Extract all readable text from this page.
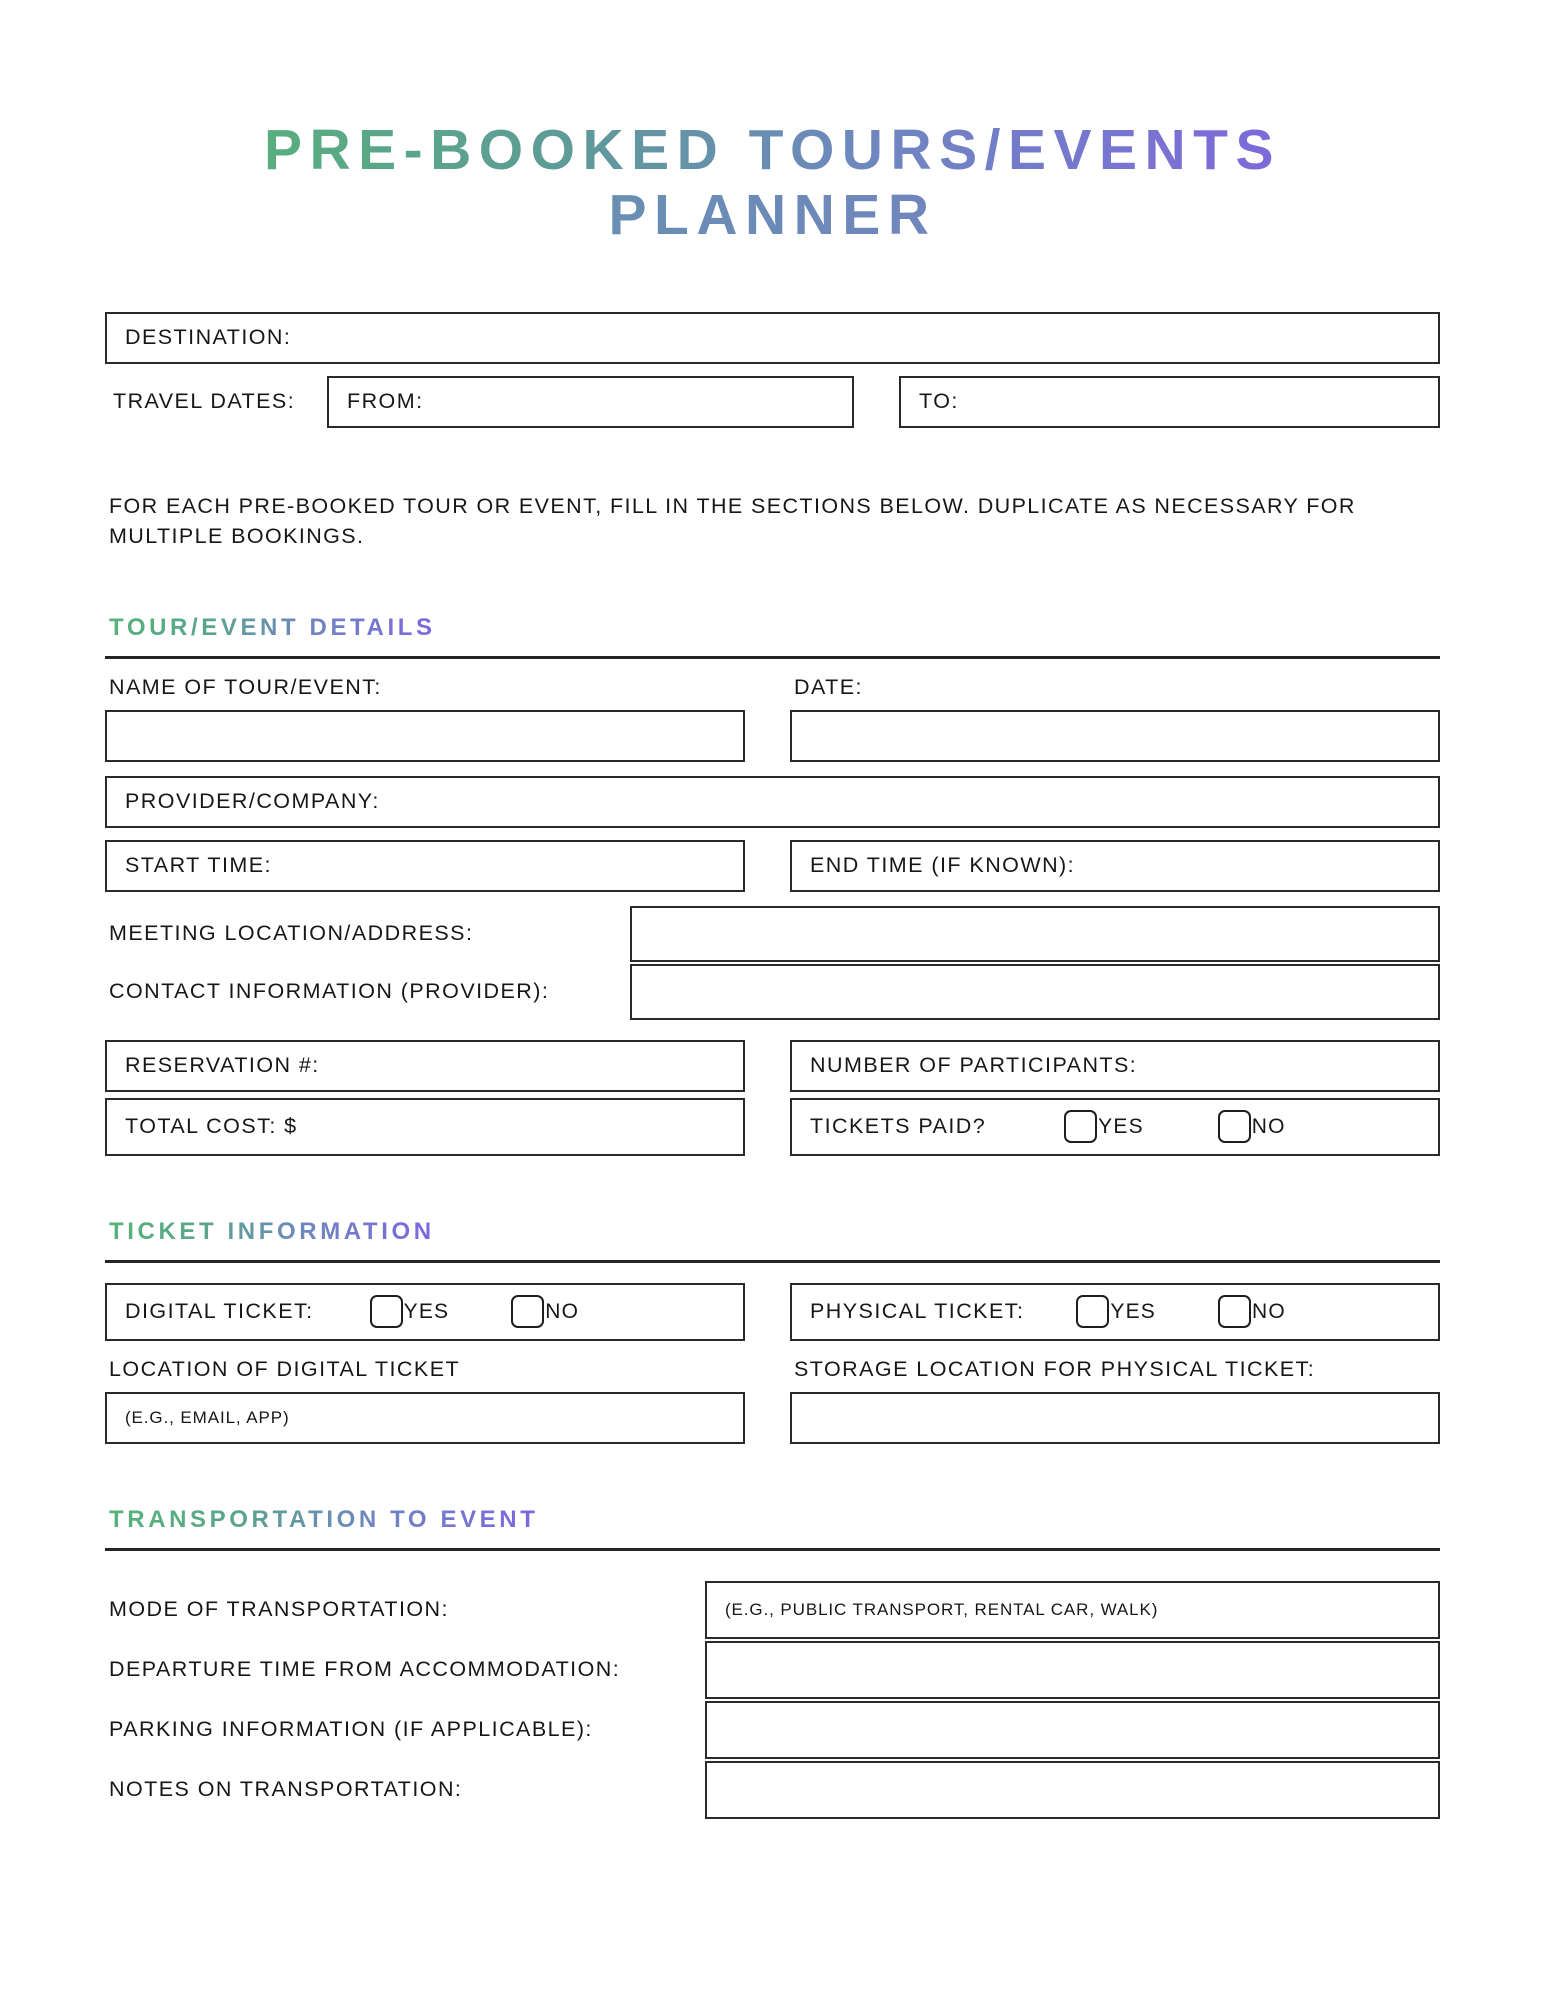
PRE-BOOKED TOURS/EVENTS
PLANNER
DESTINATION:
TRAVEL DATES:	FROM:	TO:
FOR EACH PRE-BOOKED TOUR OR EVENT, FILL IN THE SECTIONS BELOW. DUPLICATE AS NECESSARY FOR MULTIPLE BOOKINGS.
TOUR/EVENT DETAILS
NAME OF TOUR/EVENT:	DATE:
PROVIDER/COMPANY:
START TIME:	END TIME (IF KNOWN):
MEETING LOCATION/ADDRESS:
CONTACT INFORMATION (PROVIDER):
RESERVATION #:	NUMBER OF PARTICIPANTS:
TOTAL COST: $	TICKETS PAID?	YES	NO
TICKET INFORMATION
DIGITAL TICKET:	YES	NO	PHYSICAL TICKET:	YES	NO
LOCATION OF DIGITAL TICKET
(E.G., EMAIL, APP)
STORAGE LOCATION FOR PHYSICAL TICKET:
TRANSPORTATION TO EVENT
MODE OF TRANSPORTATION:	(E.G., PUBLIC TRANSPORT, RENTAL CAR, WALK)
DEPARTURE TIME FROM ACCOMMODATION:
PARKING INFORMATION (IF APPLICABLE):
NOTES ON TRANSPORTATION:
